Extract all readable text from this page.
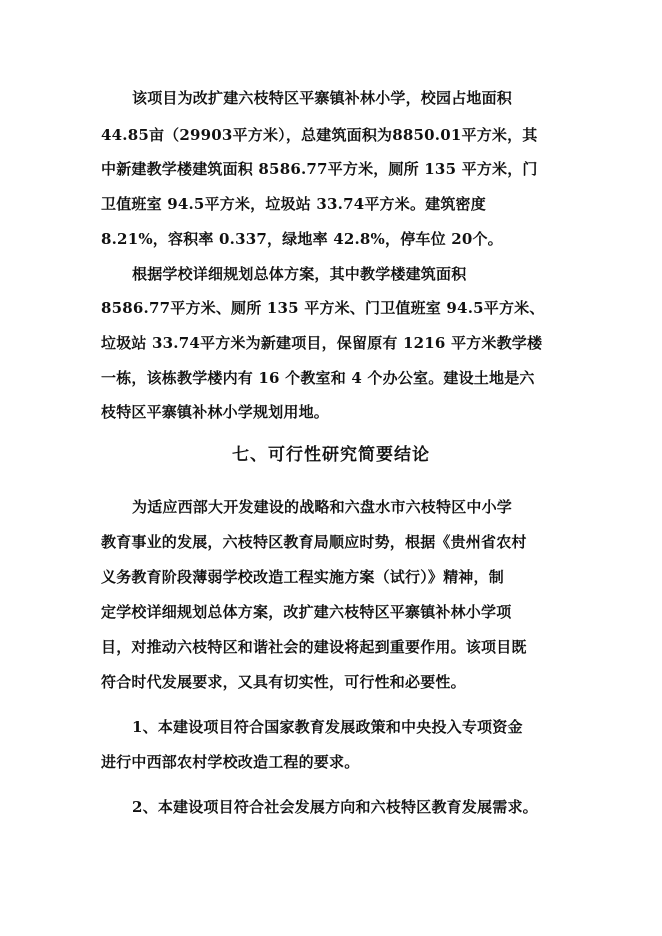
该项目为改扩建六枝特区平寨镇补林小学，校园占地面积
44.85亩（29903平方米），总建筑面积为8850.01平方米，其
中新建教学楼建筑面积 8586.77平方米，厕所 135 平方米，门
卫值班室 94.5平方米，垃圾站 33.74平方米。建筑密度
8.21%，容积率 0.337，绿地率 42.8%，停车位 20个。
根据学校详细规划总体方案，其中教学楼建筑面积
8586.77平方米、厕所 135 平方米、门卫值班室 94.5平方米、
垃圾站 33.74平方米为新建项目，保留原有 1216 平方米教学楼
一栋，该栋教学楼内有 16 个教室和 4 个办公室。建设土地是六
枝特区平寨镇补林小学规划用地。
七、可行性研究简要结论
为适应西部大开发建设的战略和六盘水市六枝特区中小学
教育事业的发展，六枝特区教育局顺应时势，根据《贵州省农村
义务教育阶段薄弱学校改造工程实施方案（试行）》精神，制
定学校详细规划总体方案，改扩建六枝特区平寨镇补林小学项
目，对推动六枝特区和谐社会的建设将起到重要作用。该项目既
符合时代发展要求，又具有切实性，可行性和必要性。
1、本建设项目符合国家教育发展政策和中央投入专项资金
进行中西部农村学校改造工程的要求。
2、本建设项目符合社会发展方向和六枝特区教育发展需求。
